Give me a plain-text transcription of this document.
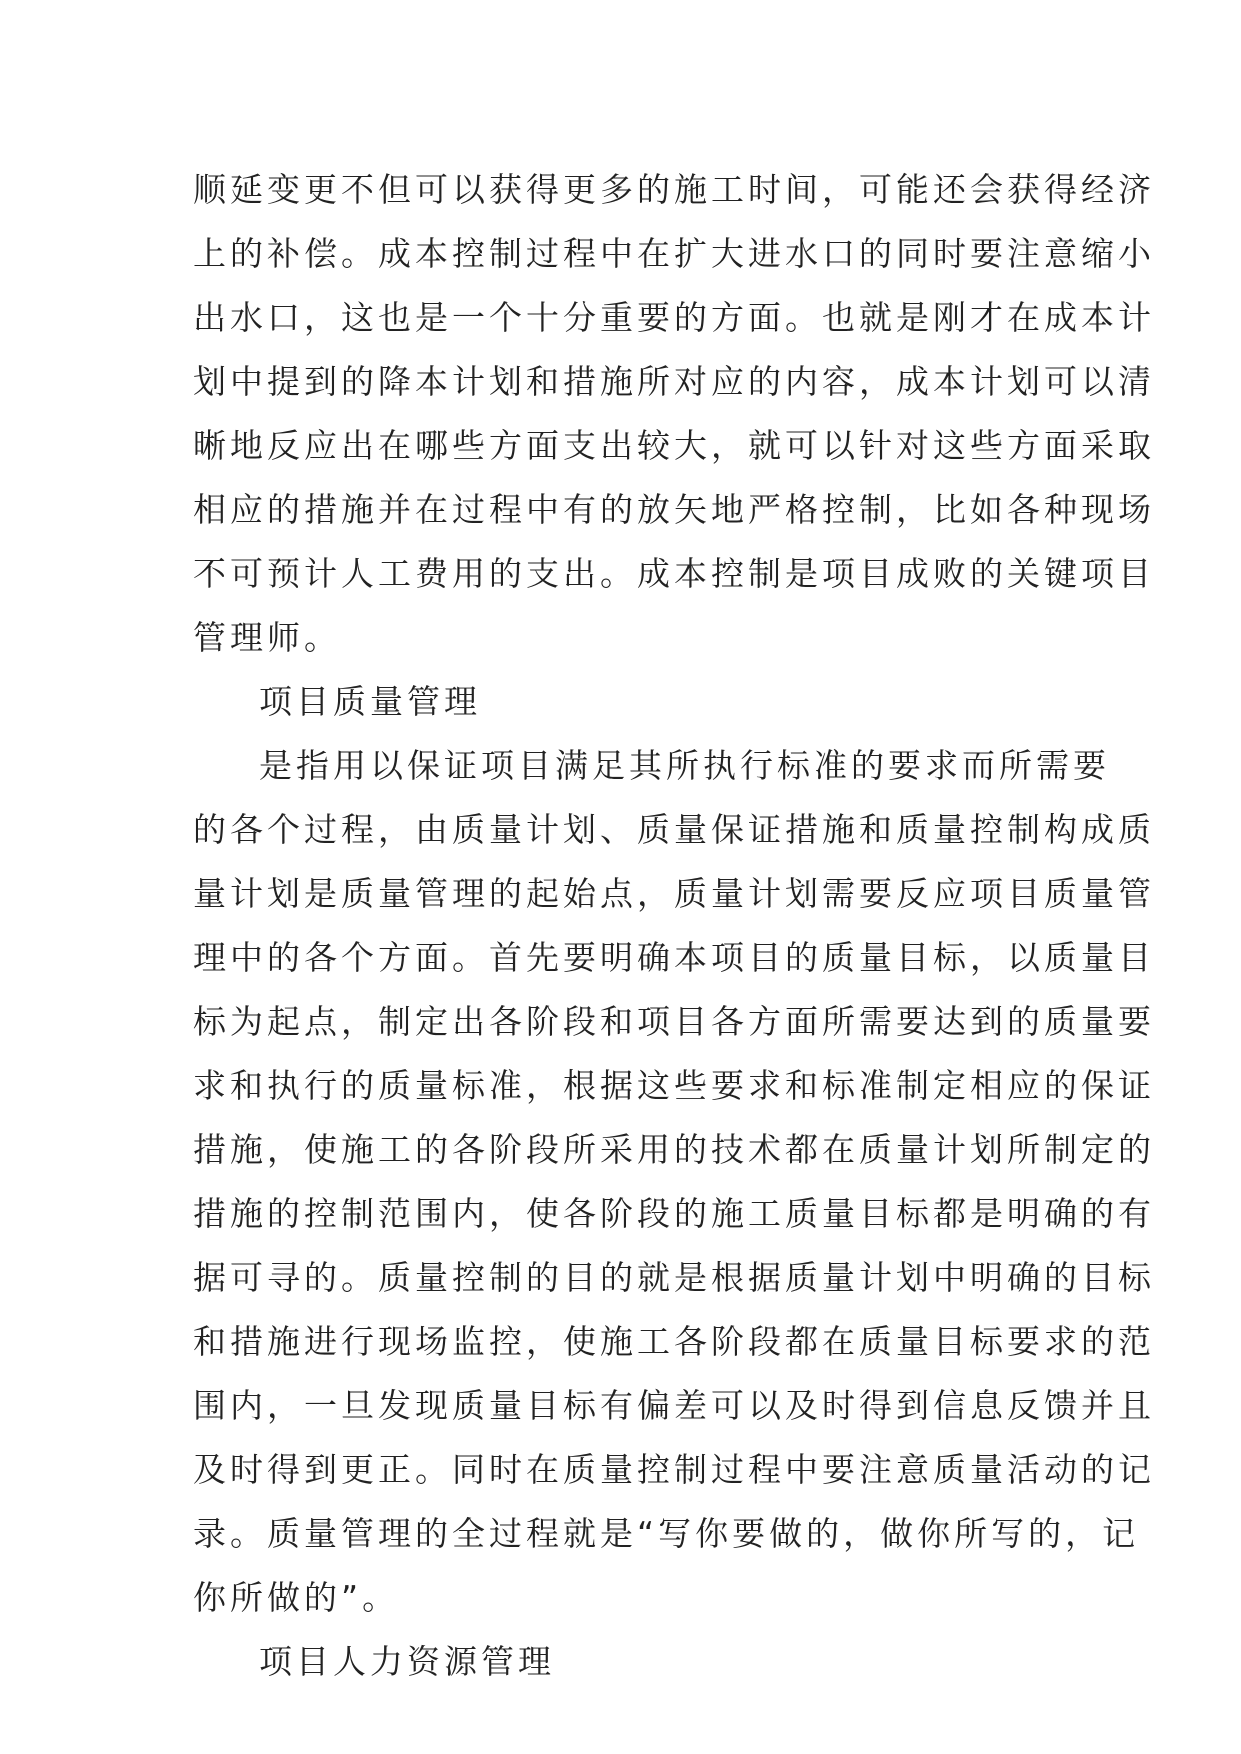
顺延变更不但可以获得更多的施工时间，可能还会获得经济
上的补偿。成本控制过程中在扩大进水口的同时要注意缩小
出水口，这也是一个十分重要的方面。也就是刚才在成本计
划中提到的降本计划和措施所对应的内容，成本计划可以清
晰地反应出在哪些方面支出较大，就可以针对这些方面采取
相应的措施并在过程中有的放矢地严格控制，比如各种现场
不可预计人工费用的支出。成本控制是项目成败的关键项目
管理师。
项目质量管理
是指用以保证项目满足其所执行标准的要求而所需要
的各个过程，由质量计划、质量保证措施和质量控制构成质
量计划是质量管理的起始点，质量计划需要反应项目质量管
理中的各个方面。首先要明确本项目的质量目标，以质量目
标为起点，制定出各阶段和项目各方面所需要达到的质量要
求和执行的质量标准，根据这些要求和标准制定相应的保证
措施，使施工的各阶段所采用的技术都在质量计划所制定的
措施的控制范围内，使各阶段的施工质量目标都是明确的有
据可寻的。质量控制的目的就是根据质量计划中明确的目标
和措施进行现场监控，使施工各阶段都在质量目标要求的范
围内，一旦发现质量目标有偏差可以及时得到信息反馈并且
及时得到更正。同时在质量控制过程中要注意质量活动的记
录。质量管理的全过程就是“写你要做的，做你所写的，记
你所做的”。
项目人力资源管理
